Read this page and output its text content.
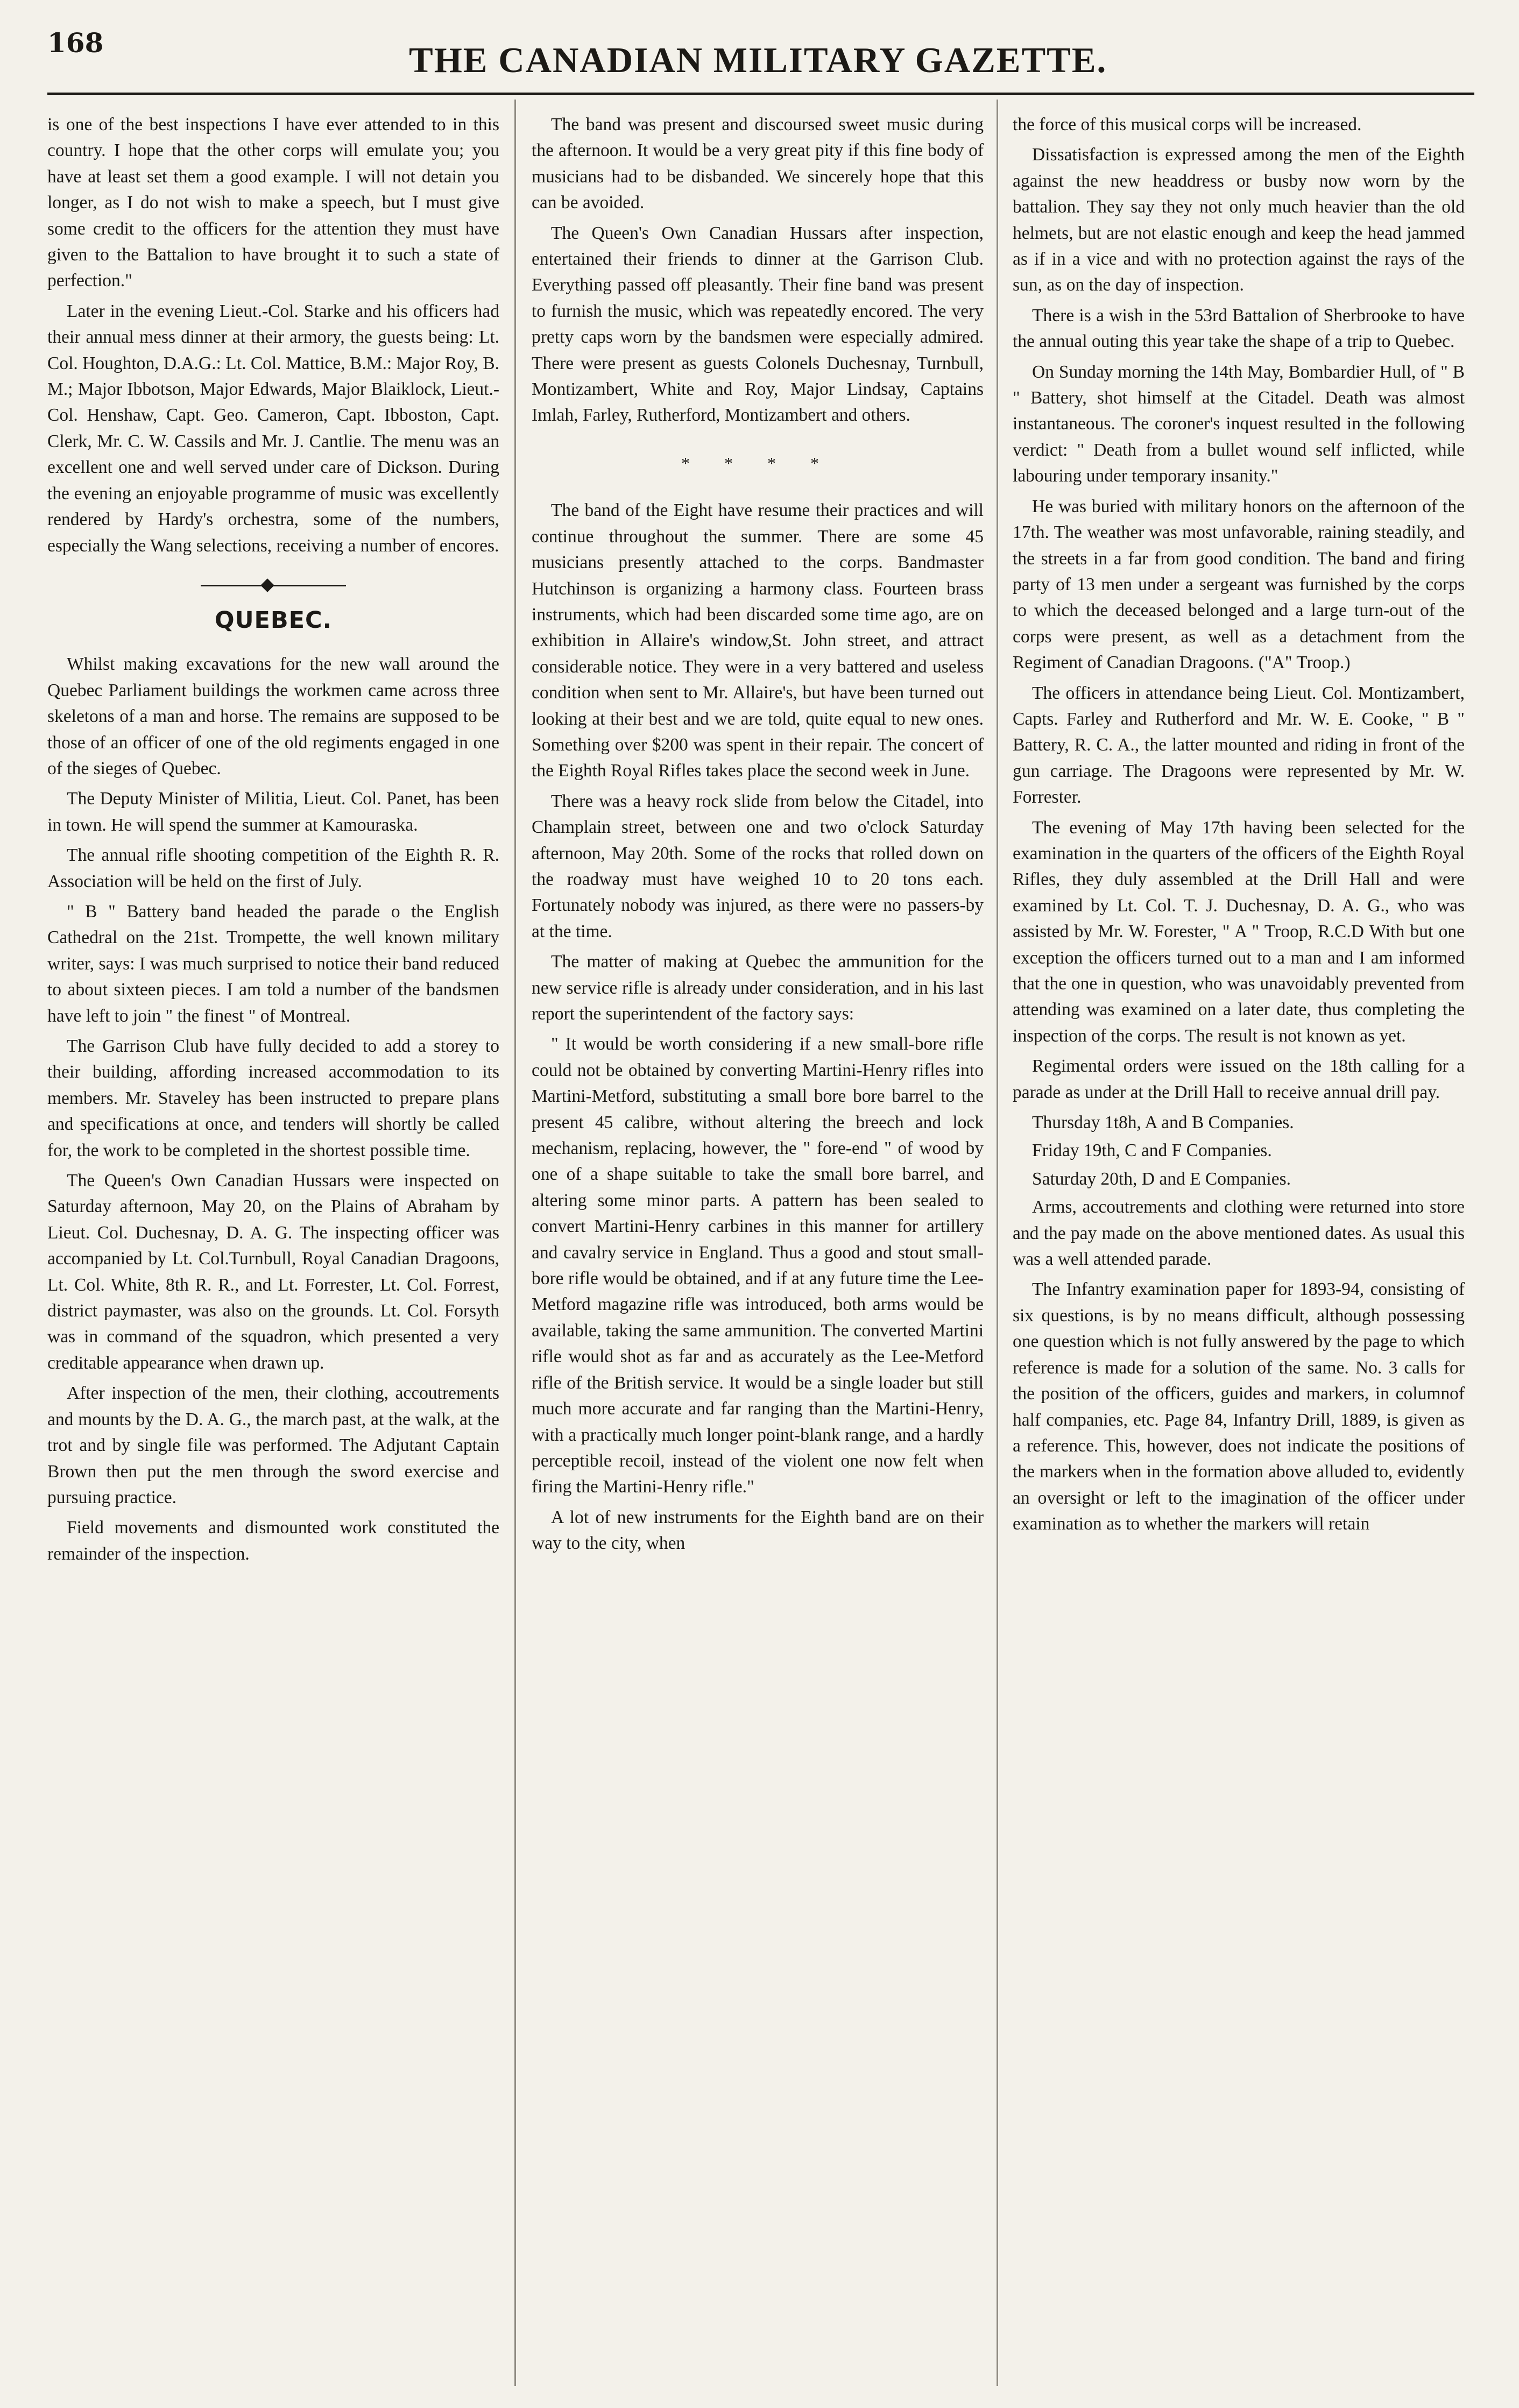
168	THE CANADIAN MILITARY GAZETTE.

is one of the best inspections I have ever attended to in this country. I hope that the other corps will emulate you; you have at least set them a good example. I will not detain you longer, as I do not wish to make a speech, but I must give some credit to the officers for the attention they must have given to the Battalion to have brought it to such a state of perfection."

Later in the evening Lieut.-Col. Starke and his officers had their annual mess dinner at their armory, the guests being: Lt. Col. Houghton, D.A.G.: Lt. Col. Mattice, B.M.: Major Roy, B. M.; Major Ibbotson, Major Edwards, Major Blaiklock, Lieut.-Col. Henshaw, Capt. Geo. Cameron, Capt. Ibboston, Capt. Clerk, Mr. C. W. Cassils and Mr. J. Cantlie. The menu was an excellent one and well served under care of Dickson. During the evening an enjoyable programme of music was excellently rendered by Hardy's orchestra, some of the numbers, especially the Wang selections, receiving a number of encores.

QUEBEC.

Whilst making excavations for the new wall around the Quebec Parliament buildings the workmen came across three skeletons of a man and horse. The remains are supposed to be those of an officer of one of the old regiments engaged in one of the sieges of Quebec.

The Deputy Minister of Militia, Lieut. Col. Panet, has been in town. He will spend the summer at Kamouraska.

The annual rifle shooting competition of the Eighth R. R. Association will be held on the first of July.

" B " Battery band headed the parade o the English Cathedral on the 21st. Trompette, the well known military writer, says: I was much surprised to notice their band reduced to about sixteen pieces. I am told a number of the bandsmen have left to join " the finest " of Montreal.

The Garrison Club have fully decided to add a storey to their building, affording increased accommodation to its members. Mr. Staveley has been instructed to prepare plans and specifications at once, and tenders will shortly be called for, the work to be completed in the shortest possible time.

The Queen's Own Canadian Hussars were inspected on Saturday afternoon, May 20, on the Plains of Abraham by Lieut. Col. Duchesnay, D. A. G. The inspecting officer was accompanied by Lt. Col.Turnbull, Royal Canadian Dragoons, Lt. Col. White, 8th R. R., and Lt. Forrester, Lt. Col. Forrest, district paymaster, was also on the grounds. Lt. Col. Forsyth was in command of the squadron, which presented a very creditable appearance when drawn up.

After inspection of the men, their clothing, accoutrements and mounts by the D. A. G., the march past, at the walk, at the trot and by single file was performed. The Adjutant Captain Brown then put the men through the sword exercise and pursuing practice.

Field movements and dismounted work constituted the remainder of the inspection.

The band was present and discoursed sweet music during the afternoon. It would be a very great pity if this fine body of musicians had to be disbanded. We sincerely hope that this can be avoided.

The Queen's Own Canadian Hussars after inspection, entertained their friends to dinner at the Garrison Club. Everything passed off pleasantly. Their fine band was present to furnish the music, which was repeatedly encored. The very pretty caps worn by the bandsmen were especially admired. There were present as guests Colonels Duchesnay, Turnbull, Montizambert, White and Roy, Major Lindsay, Captains Imlah, Farley, Rutherford, Montizambert and others.

* * * *

The band of the Eight have resume their practices and will continue throughout the summer. There are some 45 musicians presently attached to the corps. Bandmaster Hutchinson is organizing a harmony class. Fourteen brass instruments, which had been discarded some time ago, are on exhibition in Allaire's window,St. John street, and attract considerable notice. They were in a very battered and useless condition when sent to Mr. Allaire's, but have been turned out looking at their best and we are told, quite equal to new ones. Something over $200 was spent in their repair. The concert of the Eighth Royal Rifles takes place the second week in June.

There was a heavy rock slide from below the Citadel, into Champlain street, between one and two o'clock Saturday afternoon, May 20th. Some of the rocks that rolled down on the roadway must have weighed 10 to 20 tons each. Fortunately nobody was injured, as there were no passers-by at the time.

The matter of making at Quebec the ammunition for the new service rifle is already under consideration, and in his last report the superintendent of the factory says:

" It would be worth considering if a new small-bore rifle could not be obtained by converting Martini-Henry rifles into Martini-Metford, substituting a small bore bore barrel to the present 45 calibre, without altering the breech and lock mechanism, replacing, however, the " fore-end " of wood by one of a shape suitable to take the small bore barrel, and altering some minor parts. A pattern has been sealed to convert Martini-Henry carbines in this manner for artillery and cavalry service in England. Thus a good and stout small-bore rifle would be obtained, and if at any future time the Lee-Metford magazine rifle was introduced, both arms would be available, taking the same ammunition. The converted Martini rifle would shot as far and as accurately as the Lee-Metford rifle of the British service. It would be a single loader but still much more accurate and far ranging than the Martini-Henry, with a practically much longer point-blank range, and a hardly perceptible recoil, instead of the violent one now felt when firing the Martini-Henry rifle."

A lot of new instruments for the Eighth band are on their way to the city, when

the force of this musical corps will be increased.

Dissatisfaction is expressed among the men of the Eighth against the new headdress or busby now worn by the battalion. They say they not only much heavier than the old helmets, but are not elastic enough and keep the head jammed as if in a vice and with no protection against the rays of the sun, as on the day of inspection.

There is a wish in the 53rd Battalion of Sherbrooke to have the annual outing this year take the shape of a trip to Quebec.

On Sunday morning the 14th May, Bombardier Hull, of " B " Battery, shot himself at the Citadel. Death was almost instantaneous. The coroner's inquest resulted in the following verdict: " Death from a bullet wound self inflicted, while labouring under temporary insanity."

He was buried with military honors on the afternoon of the 17th. The weather was most unfavorable, raining steadily, and the streets in a far from good condition. The band and firing party of 13 men under a sergeant was furnished by the corps to which the deceased belonged and a large turn-out of the corps were present, as well as a detachment from the Regiment of Canadian Dragoons. ("A" Troop.)

The officers in attendance being Lieut. Col. Montizambert, Capts. Farley and Rutherford and Mr. W. E. Cooke, " B " Battery, R. C. A., the latter mounted and riding in front of the gun carriage. The Dragoons were represented by Mr. W. Forrester.

The evening of May 17th having been selected for the examination in the quarters of the officers of the Eighth Royal Rifles, they duly assembled at the Drill Hall and were examined by Lt. Col. T. J. Duchesnay, D. A. G., who was assisted by Mr. W. Forester, " A " Troop, R.C.D With but one exception the officers turned out to a man and I am informed that the one in question, who was unavoidably prevented from attending was examined on a later date, thus completing the inspection of the corps. The result is not known as yet.

Regimental orders were issued on the 18th calling for a parade as under at the Drill Hall to receive annual drill pay.

Thursday 1t8h, A and B Companies.
Friday 19th, C and F Companies.
Saturday 20th, D and E Companies.

Arms, accoutrements and clothing were returned into store and the pay made on the above mentioned dates. As usual this was a well attended parade.

The Infantry examination paper for 1893-94, consisting of six questions, is by no means difficult, although possessing one question which is not fully answered by the page to which reference is made for a solution of the same. No. 3 calls for the position of the officers, guides and markers, in columnof half companies, etc. Page 84, Infantry Drill, 1889, is given as a reference. This, however, does not indicate the positions of the markers when in the formation above alluded to, evidently an oversight or left to the imagination of the officer under examination as to whether the markers will retain
